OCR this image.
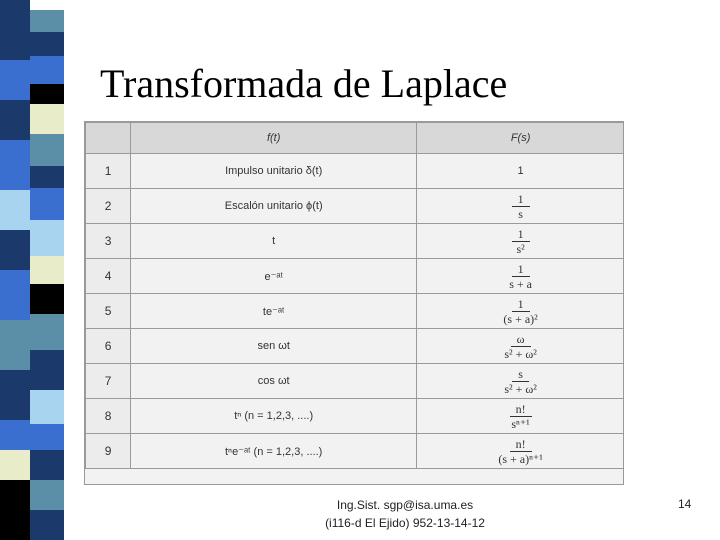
Transformada de Laplace
	f(t)	F(s)
1	Impulso unitario δ(t)	1
2	Escalón unitario ϕ(t)	$\frac{1}{s}$

3	t	$\frac{1}{\text{s²}}$

4	e⁻ᵃᵗ	$\frac{1}{s + a}$

5	te⁻ᵃᵗ	$\frac{1}{\text{(s + a)²}}$

6	sen ωt	$\frac{\omega}{\text{s² + ω²}}$

7	cos ωt	$\frac{s}{\text{s² + ω²}}$

8	tⁿ (n = 1,2,3, ....)	$\frac{n!}{\text{sⁿ⁺¹}}$

9	tⁿe⁻ᵃᵗ (n = 1,2,3, ....)	$\frac{n!}{\text{(s + a)ⁿ⁺¹}}$
Ing.Sist. sgp@isa.uma.es
(i116-d El Ejido) 952-13-14-12
14
